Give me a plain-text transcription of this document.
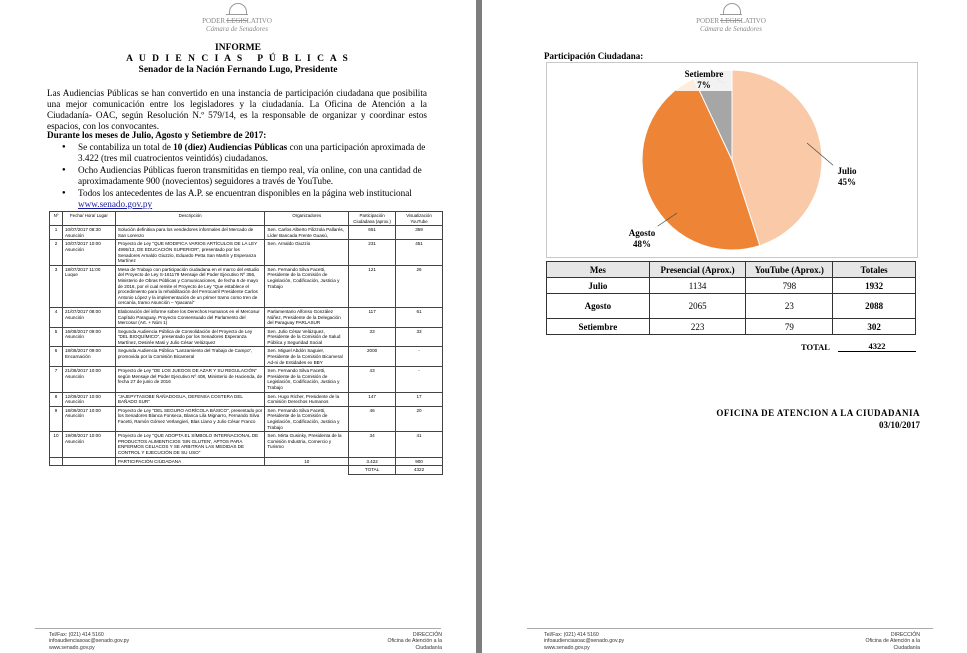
PODER LEGISLATIVO
Cámara de Senadores
INFORME
A U D I E N C I A S   P Ú B L I C A S
Senador de la Nación Fernando Lugo, Presidente
Las Audiencias Públicas se han convertido en una instancia de participación ciudadana que posibilita una mejor comunicación entre los legisladores y la ciudadanía. La Oficina de Atención a la Ciudadanía- OAC, según Resolución N.º 579/14, es la responsable de organizar y coordinar estos espacios, con los convocantes.
Durante los meses de Julio, Agosto y Setiembre de 2017:
● Se contabiliza un total de 10 (diez) Audiencias Públicas con una participación aproximada de 3.422 (tres mil cuatrocientos veintidós) ciudadanos.
● Ocho Audiencias Públicas fueron transmitidas en tiempo real, vía online, con una cantidad de aproximadamente 900 (novecientos) seguidores a través de YouTube.
● Todos los antecedentes de las A.P. se encuentran disponibles en la página web institucional
www.senado.gov.py
Nº	Fecha/ Hora/ Lugar	Descripción	Organizadores	Participación Ciudadana (aprox.)	Visualización YouTube
1	10/07/2017 08:30 Asunción	Solución definitiva para los vendedores informales del Mercado de San Lorenzo	Sen. Carlos Alberto Filizzola Pallarés, Líder Bancada Frente Guasú,	651	359
2	10/07/2017 10:00 Asunción	Proyecto de Ley "QUE MODIFICA VARIOS ARTÍCULOS DE LA LEY 4995/13, DE EDUCACIÓN SUPERIOR", presentado por los Senadores Arnaldo Giuzzio, Eduardo Petta San Martín y Esperanza Martínez	Sen. Arnaldo Giuzzio	231	451
3	18/07/2017 11:00 Luque	Mesa de Trabajo con participación ciudadana en el marco del estudio del Proyecto de Ley S-161179 Mensaje del Poder Ejecutivo Nº 356, Ministerio de Obras Públicas y Comunicaciones, de fecha 6 de mayo de 2016, por el cual remite el Proyecto de Ley "Que establece el procedimiento para la rehabilitación del Ferrocarril Presidente Carlos Antonio López y la implementación de un primer tramo como tren de cercanía, tramo Asunción – Ypacaraí"	Sen. Fernando Silva Facetti, Presidente de la Comisión de Legislación, Codificación, Justicia y Trabajo	121	26
4	21/07/2017 08:00 Asunción	Elaboración del informe sobre los Derechos Humanos en el Mercosur Capítulo Paraguay. Proyecto Consensuado del Parlamento del Mercosur (Art. + Núm 1)	Parlamentario Alfonso González Núñez, Presidente de la Delegación del Paraguay PARLASUR	117	61
5	16/08/2017 09:00 Asunción	Segunda Audiencia Pública de Consolidación del Proyecto de Ley "DEL BIOQUÍMICO", presentado por los Senadores Esperanza Martínez, Desirée Masi y Julio César Velázquez	Sen. Julio César Velázquez, Presidente de la Comisión de Salud Pública y Seguridad Social	33	33
6	18/08/2017 09:00 Encarnación	Segunda Audiencia Pública "Lanzamiento del Trabajo de Campo", promovida por la Comisión Bicameral	Sen. Miguel Abdón Saguier, Presidente de la Comisión Bicameral Ad-ni de Entidades ex BBY	2000	-
7	21/08/2017 10:00 Asunción	Proyecto de Ley "DE LOS JUEGOS DE AZAR Y SU REGULACIÓN" según Mensaje del Poder Ejecutivo Nº 408, Ministerio de Hacienda, de fecha 27 de junio de 2016	Sen. Fernando Silva Facetti, Presidente de la Comisión de Legislación, Codificación, Justicia y Trabajo	43	-
8	12/09/2017 10:00 Asunción	"JAJEPYTASOBE ÑAÑADOGUA, DEFENSA COSTERA DEL BAÑADO SUR"	Sen. Hugo Richer, Presidente de la Comisión Derechos Humanos	147	17
9	18/09/2017 10:00 Asunción	Proyecto de Ley "DEL SEGURO AGRÍCOLA BÁSICO", presentado por los Senadores Blanca Fonseca, Blanca Lila Mignarro, Fernando Silva Facetti, Ramón Gómez Verlangieri, Blas Llano y Julio César Franco	Sen. Fernando Silva Facetti, Presidente de la Comisión de Legislación, Codificación, Justicia y Trabajo	46	20
10	19/09/2017 10:00 Asunción	Proyecto de Ley "QUE ADOPTA EL SÍMBOLO INTERNACIONAL DE PRODUCTOS ALIMENTICIOS 'SIN GLUTEN', APTOS PARA ENFERMOS CELIACOS Y SE ARBITRAN LAS MEDIDAS DE CONTROL Y EJECUCIÓN DE SU USO"	Sen. Mirta Gusinky, Presidenta de la Comisión Industria, Comercio y Turismo	34	41
		PARTICIPACIÓN CIUDADANA	10	3.422	900
				TOTAL	4322
Tel/Fax: (021) 414 5160
infoaudienciasoac@senado.gov.py
www.senado.gov.py
DIRECCIÓN
Oficina de Atención a la
Ciudadanía
PODER LEGISLATIVO
Cámara de Senadores
Tel/Fax: (021) 414 5160
infoaudienciasoac@senado.gov.py
www.senado.gov.py
DIRECCIÓN
Oficina de Atención a la
Ciudadanía
Participación Ciudadana:
Julio
45%
Agosto
48%
Setiembre
7%
Mes	Presencial (Aprox.)	YouTube (Aprox.)	Totales
Julio	1134	798	1932
Agosto	2065	23	2088
Setiembre	223	79	302
TOTAL	4322
OFICINA DE ATENCION A LA CIUDADANIA
03/10/2017
